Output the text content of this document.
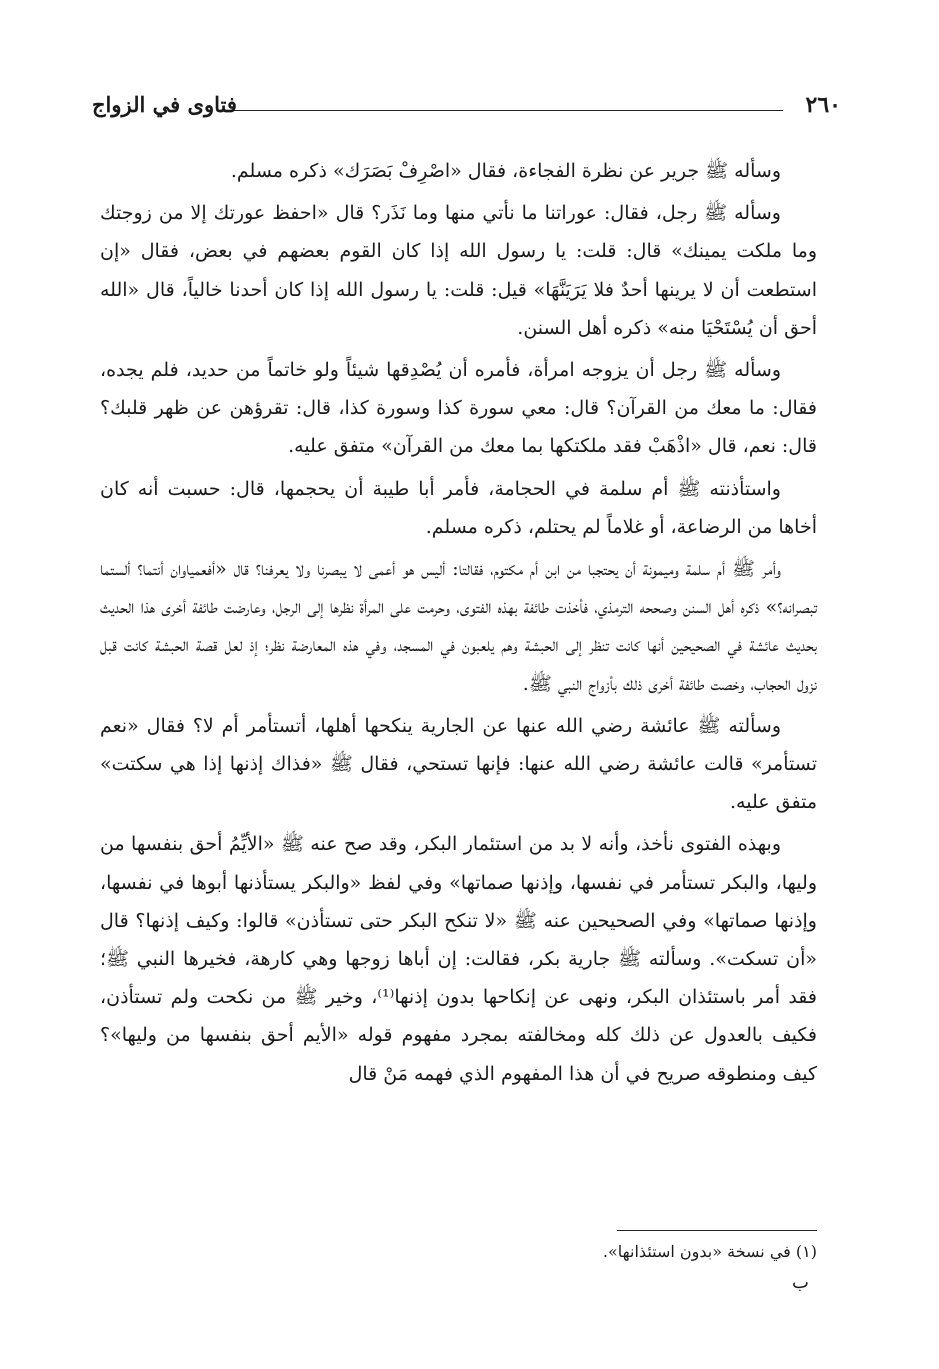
٢٦٠
فتاوى في الزواج

وسأله ﷺ جرير عن نظرة الفجاءة، فقال «اصْرِفْ بَصَرَك» ذكره مسلم.

وسأله ﷺ رجل، فقال: عوراتنا ما نأتي منها وما نَذَر؟ قال «احفظ عورتك إلا من زوجتك وما ملكت يمينك» قال: قلت: يا رسول الله إذا كان القوم بعضهم في بعض، فقال «إن استطعت أن لا يرينها أحدٌ فلا يَرَيَنَّهَا» قيل: قلت: يا رسول الله إذا كان أحدنا خالياً، قال «الله أحق أن يُسْتَحْيَا منه» ذكره أهل السنن.

وسأله ﷺ رجل أن يزوجه امرأة، فأمره أن يُصْدِقها شيئاً ولو خاتماً من حديد، فلم يجده، فقال: ما معك من القرآن؟ قال: معي سورة كذا وسورة كذا، قال: تقرؤهن عن ظهر قلبك؟ قال: نعم، قال «اذْهَبْ فقد ملكتكها بما معك من القرآن» متفق عليه.

واستأذنته ﷺ أم سلمة في الحجامة، فأمر أبا طيبة أن يحجمها، قال: حسبت أنه كان أخاها من الرضاعة، أو غلاماً لم يحتلم، ذكره مسلم.

وأمر ﷺ أم سلمة وميمونة أن يحتجبا من ابن أم مكتوم، فقالتا: أليس هو أعمى لا يبصرنا ولا يعرفنا؟ قال «أفعمياوان أنتما؟ ألستما تبصرانه؟» ذكره أهل السنن وصححه الترمذي، فأخذت طائفة بهذه الفتوى، وحرمت على المرأة نظرها إلى الرجل، وعارضت طائفة أخرى هذا الحديث بحديث عائشة في الصحيحين أنها كانت تنظر إلى الحبشة وهم يلعبون في المسجد، وفي هذه المعارضة نظر؛ إذ لعل قصة الحبشة كانت قبل نزول الحجاب، وخصت طائفة أخرى ذلك بأزواج النبي ﷺ.

وسألته ﷺ عائشة رضي الله عنها عن الجارية ينكحها أهلها، أتستأمر أم لا؟ فقال «نعم تستأمر» قالت عائشة رضي الله عنها: فإنها تستحي، فقال ﷺ «فذاك إذنها إذا هي سكتت» متفق عليه.

وبهذه الفتوى نأخذ، وأنه لا بد من استئمار البكر، وقد صح عنه ﷺ «الأيِّمُ أحق بنفسها من وليها، والبكر تستأمر في نفسها، وإذنها صماتها» وفي لفظ «والبكر يستأذنها أبوها في نفسها، وإذنها صماتها» وفي الصحيحين عنه ﷺ «لا تنكح البكر حتى تستأذن» قالوا: وكيف إذنها؟ قال «أن تسكت». وسألته ﷺ جارية بكر، فقالت: إن أباها زوجها وهي كارهة، فخيرها النبي ﷺ؛ فقد أمر باستئذان البكر، ونهى عن إنكاحها بدون إذنها⁽¹⁾، وخير ﷺ من نكحت ولم تستأذن، فكيف بالعدول عن ذلك كله ومخالفته بمجرد مفهوم قوله «الأيم أحق بنفسها من وليها»؟ كيف ومنطوقه صريح في أن هذا المفهوم الذي فهمه مَنْ قال

(١) في نسخة «بدون استئذانها».
ب
